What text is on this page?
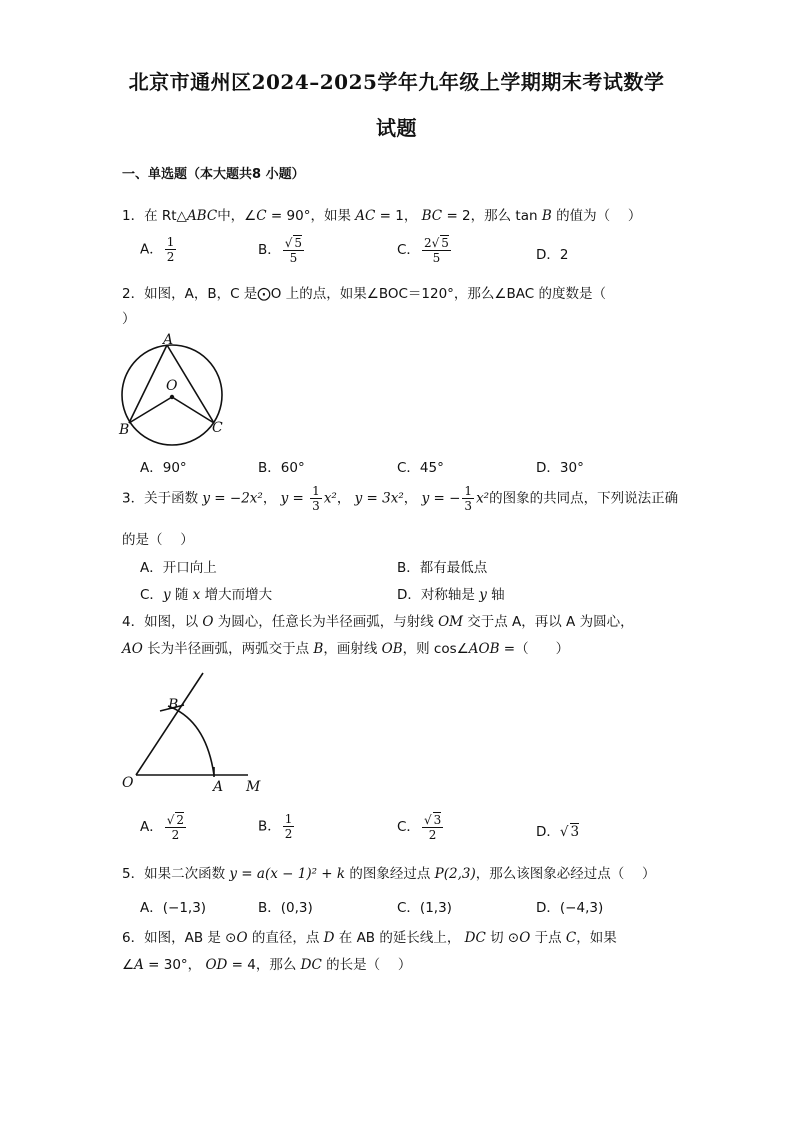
北京市通州区2024–2025学年九年级上学期期末考试数学
试题
一、单选题（本大题共8 小题）
1．在 Rt△ABC中，∠C = 90°，如果 AC = 1， BC = 2，那么 tan B 的值为（　 ）
A． $\frac{1}{2}$	B． $\frac{√ 5}{5}$	C． $\frac{2√ 5}{5}$	D．2
2．如图，A，B，C 是⨀O 上的点，如果∠BOC＝120°，那么∠BAC 的度数是（
）
A
O
B	C
A．90°	B．60°	C．45°	D．30°
3．关于函数 y = −2x²， $y = \frac{1}{3} x^2$， y = 3x²， y = − $\frac{1}{3} x^2$的图象的共同点，下列说法正确
的是（　 ）
A．开口向上	B．都有最低点
C．y 随 x 增大而增大	D．对称轴是 y 轴
4．如图，以 O 为圆心，任意长为半径画弧，与射线 OM 交于点 A，再以 A 为圆心，
AO 长为半径画弧，两弧交于点 B，画射线 OB，则 cos∠AOB =（　　）
B
O	A M
A． $\frac{√ 2}{2}$	B． $\frac{1}{2}$	C． $\frac{√ 3}{2}$	D．√ 3
5．如果二次函数 y = a(x − 1)² + k 的图象经过点 P(2,3)，那么该图象必经过点（　 ）
A．(−1,3)	B．(0,3)	C．(1,3)	D．(−4,3)
6．如图，AB 是 ⊙O 的直径，点 D 在 AB 的延长线上， DC 切 ⊙O 于点 C，如果
∠A = 30°， OD = 4，那么 DC 的长是（　 ）
